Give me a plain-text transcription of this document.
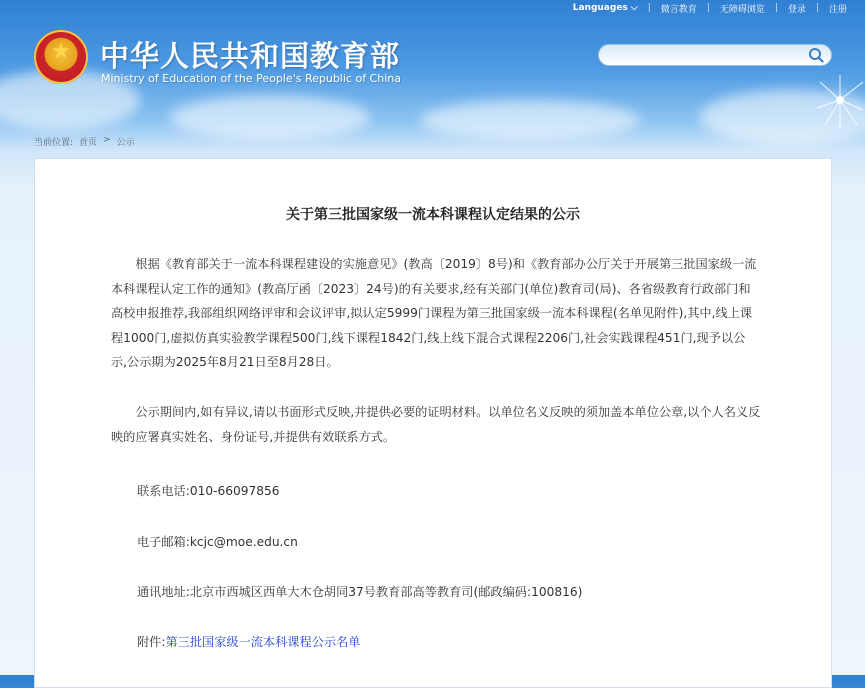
Languages ⌵ | 微言教育 | 无障碍浏览 | 登录 | 注册
★
中华人民共和国教育部
Ministry of Education of the People's Republic of China
当前位置: 首页 > 公示
关于第三批国家级一流本科课程认定结果的公示

根据《教育部关于一流本科课程建设的实施意见》(教高〔2019〕8号)和《教育部办公厅关于开展第三批国家级一流本科课程认定工作的通知》(教高厅函〔2023〕24号)的有关要求,经有关部门(单位)教育司(局)、各省级教育行政部门和高校申报推荐,我部组织网络评审和会议评审,拟认定5999门课程为第三批国家级一流本科课程(名单见附件),其中,线上课程1000门,虚拟仿真实验教学课程500门,线下课程1842门,线上线下混合式课程2206门,社会实践课程451门,现予以公示,公示期为2025年8月21日至8月28日。

公示期间内,如有异议,请以书面形式反映,并提供必要的证明材料。以单位名义反映的须加盖本单位公章,以个人名义反映的应署真实姓名、身份证号,并提供有效联系方式。

联系电话:010-66097856
电子邮箱:kcjc@moe.edu.cn
通讯地址:北京市西城区西单大木仓胡同37号教育部高等教育司(邮政编码:100816)
附件:第三批国家级一流本科课程公示名单
